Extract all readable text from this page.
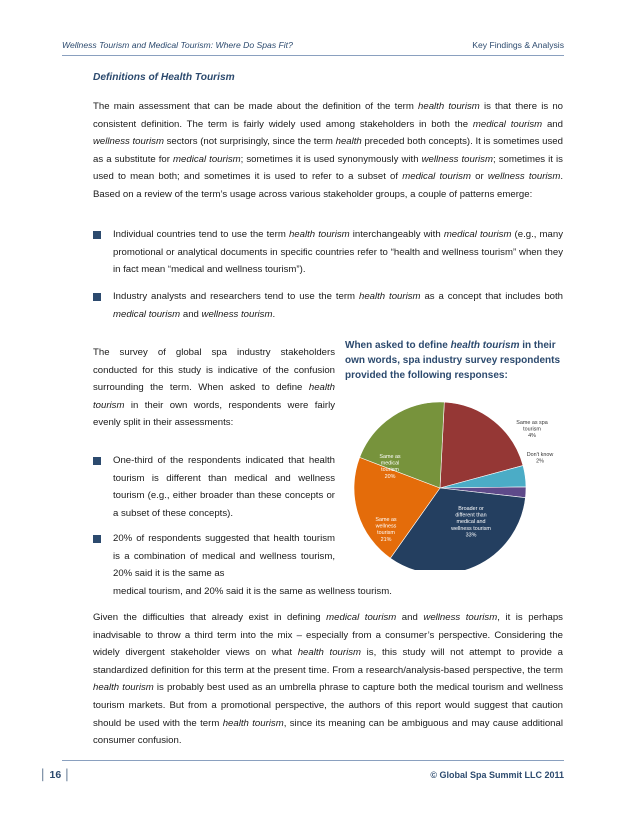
Wellness Tourism and Medical Tourism: Where Do Spas Fit?	Key Findings & Analysis
Definitions of Health Tourism
The main assessment that can be made about the definition of the term health tourism is that there is no consistent definition. The term is fairly widely used among stakeholders in both the medical tourism and wellness tourism sectors (not surprisingly, since the term health preceded both concepts). It is sometimes used as a substitute for medical tourism; sometimes it is used synonymously with wellness tourism; sometimes it is used to mean both; and sometimes it is used to refer to a subset of medical tourism or wellness tourism. Based on a review of the term’s usage across various stakeholder groups, a couple of patterns emerge:
Individual countries tend to use the term health tourism interchangeably with medical tourism (e.g., many promotional or analytical documents in specific countries refer to “health and wellness tourism” when they in fact mean “medical and wellness tourism”).
Industry analysts and researchers tend to use the term health tourism as a concept that includes both medical tourism and wellness tourism.
The survey of global spa industry stakeholders conducted for this study is indicative of the confusion surrounding the term. When asked to define health tourism in their own words, respondents were fairly evenly split in their assessments:
One-third of the respondents indicated that health tourism is different than medical and wellness tourism (e.g., either broader than these concepts or a subset of these concepts).
20% of respondents suggested that health tourism is a combination of medical and wellness tourism, 20% said it is the same as
medical tourism, and 20% said it is the same as wellness tourism.
When asked to define health tourism in their own words, spa industry survey respondents provided the following responses:
Same as spa tourism 4%
Don't know 2%
Broader or different than medical and wellness tourism 33%
Same as wellness tourism 21%
Same as medical tourism 20%
Given the difficulties that already exist in defining medical tourism and wellness tourism, it is perhaps inadvisable to throw a third term into the mix – especially from a consumer’s perspective. Considering the widely divergent stakeholder views on what health tourism is, this study will not attempt to provide a standardized definition for this term at the present time. From a research/analysis-based perspective, the term health tourism is probably best used as an umbrella phrase to capture both the medical tourism and wellness tourism markets. But from a promotional perspective, the authors of this report would suggest that caution should be used with the term health tourism, since its meaning can be ambiguous and may cause additional consumer confusion.
│ 16 │	© Global Spa Summit LLC 2011
